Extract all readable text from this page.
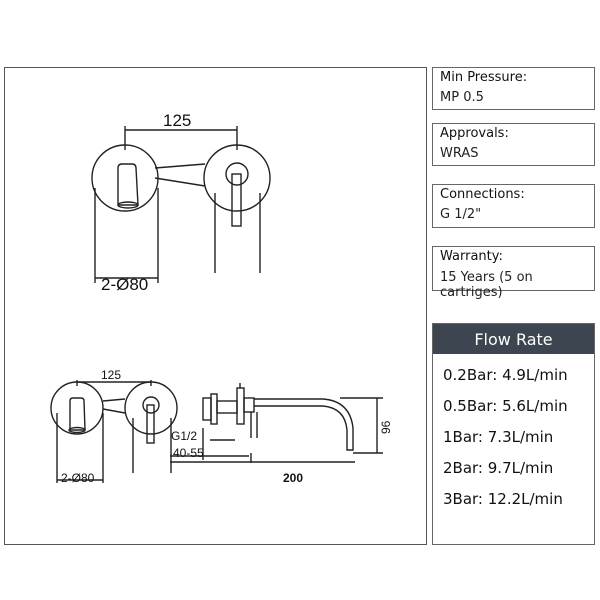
125
2-Ø80
125
2-Ø80
G1/2
40-55
96
200
Min Pressure:
MP 0.5
Approvals:
WRAS
Connections:
G 1/2"
Warranty:
15 Years (5 on cartriges)
Flow Rate
0.2Bar: 4.9L/min
0.5Bar: 5.6L/min
1Bar: 7.3L/min
2Bar: 9.7L/min
3Bar: 12.2L/min
